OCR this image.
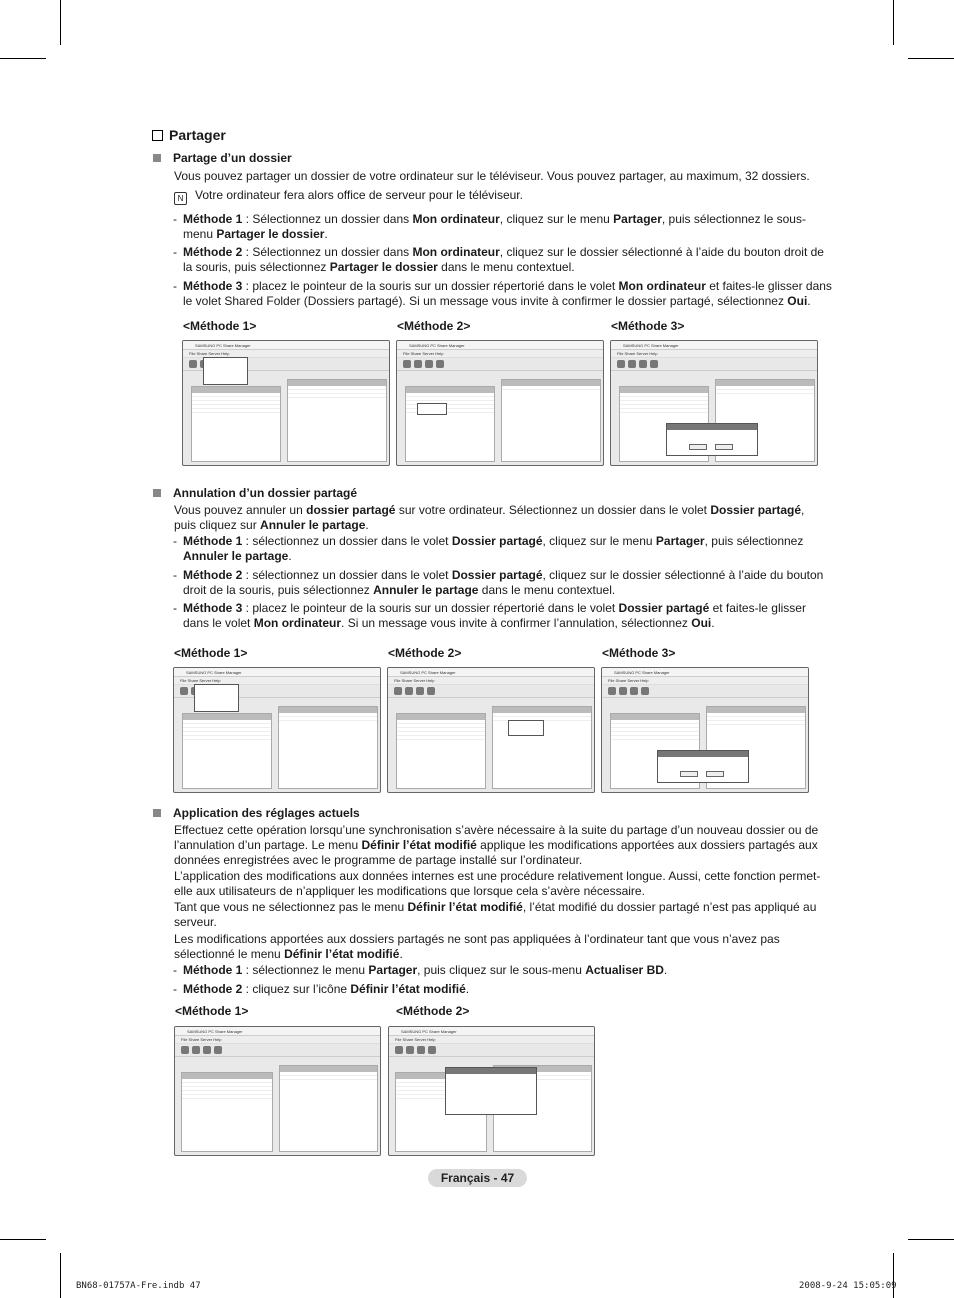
Partager
Partage d’un dossier
Vous pouvez partager un dossier de votre ordinateur sur le téléviseur. Vous pouvez partager, au maximum, 32 dossiers.
N Votre ordinateur fera alors office de serveur pour le téléviseur.
- Méthode 1 : Sélectionnez un dossier dans Mon ordinateur, cliquez sur le menu Partager, puis sélectionnez le sous-menu Partager le dossier.
- Méthode 2 : Sélectionnez un dossier dans Mon ordinateur, cliquez sur le dossier sélectionné à l’aide du bouton droit de la souris, puis sélectionnez Partager le dossier dans le menu contextuel.
- Méthode 3 : placez le pointeur de la souris sur un dossier répertorié dans le volet Mon ordinateur et faites-le glisser dans le volet Shared Folder (Dossiers partagé). Si un message vous invite à confirmer le dossier partagé, sélectionnez Oui.
<Méthode 1>	<Méthode 2>	<Méthode 3>
SAMSUNG PC Share Manager
File Share Server Help
SAMSUNG PC Share Manager
File Share Server Help
SAMSUNG PC Share Manager
File Share Server Help
Annulation d’un dossier partagé
Vous pouvez annuler un dossier partagé sur votre ordinateur. Sélectionnez un dossier dans le volet Dossier partagé, puis cliquez sur Annuler le partage.
- Méthode 1 : sélectionnez un dossier dans le volet Dossier partagé, cliquez sur le menu Partager, puis sélectionnez Annuler le partage.
- Méthode 2 : sélectionnez un dossier dans le volet Dossier partagé, cliquez sur le dossier sélectionné à l’aide du bouton droit de la souris, puis sélectionnez Annuler le partage dans le menu contextuel.
- Méthode 3 : placez le pointeur de la souris sur un dossier répertorié dans le volet Dossier partagé et faites-le glisser dans le volet Mon ordinateur. Si un message vous invite à confirmer l’annulation, sélectionnez Oui.
<Méthode 1>	<Méthode 2>	<Méthode 3>
SAMSUNG PC Share Manager
File Share Server Help
SAMSUNG PC Share Manager
File Share Server Help
SAMSUNG PC Share Manager
File Share Server Help
Application des réglages actuels
Effectuez cette opération lorsqu’une synchronisation s’avère nécessaire à la suite du partage d’un nouveau dossier ou de l’annulation d’un partage. Le menu Définir l’état modifié applique les modifications apportées aux dossiers partagés aux données enregistrées avec le programme de partage installé sur l’ordinateur.
L’application des modifications aux données internes est une procédure relativement longue. Aussi, cette fonction permet-elle aux utilisateurs de n’appliquer les modifications que lorsque cela s’avère nécessaire.
Tant que vous ne sélectionnez pas le menu Définir l’état modifié, l’état modifié du dossier partagé n’est pas appliqué au serveur.
Les modifications apportées aux dossiers partagés ne sont pas appliquées à l’ordinateur tant que vous n’avez pas sélectionné le menu Définir l’état modifié.
- Méthode 1 : sélectionnez le menu Partager, puis cliquez sur le sous-menu Actualiser BD.
- Méthode 2 : cliquez sur l’icône Définir l’état modifié.
<Méthode 1>	<Méthode 2>
SAMSUNG PC Share Manager
File Share Server Help
SAMSUNG PC Share Manager
File Share Server Help
Français - 47
BN68-01757A-Fre.indb 47	2008-9-24 15:05:09
